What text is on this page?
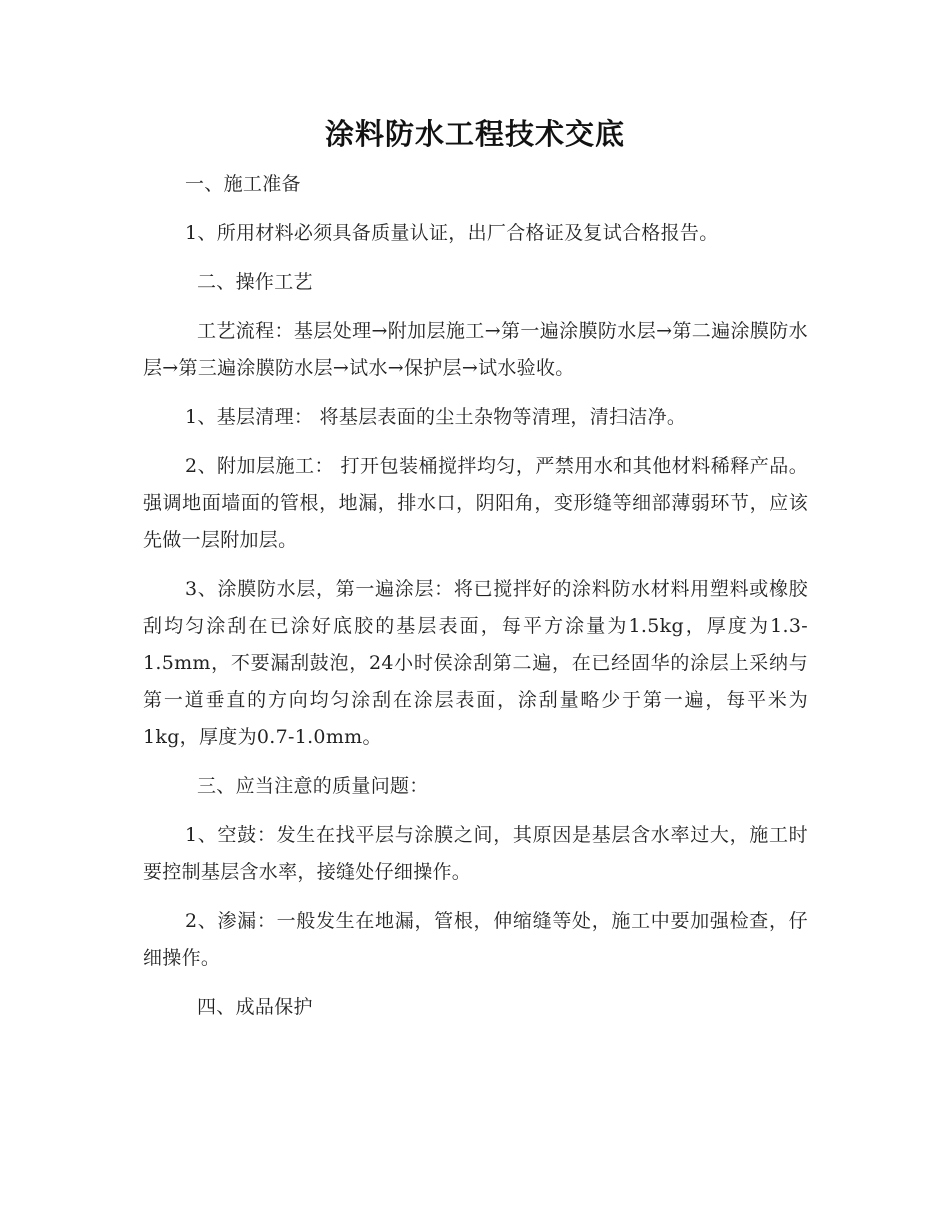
涂料防水工程技术交底

一、施工准备

1、所用材料必须具备质量认证，出厂合格证及复试合格报告。

二、操作工艺

工艺流程：基层处理→附加层施工→第一遍涂膜防水层→第二遍涂膜防水层→第三遍涂膜防水层→试水→保护层→试水验收。

1、基层清理： 将基层表面的尘土杂物等清理，清扫洁净。

2、附加层施工： 打开包装桶搅拌均匀，严禁用水和其他材料稀释产品。强调地面墙面的管根，地漏，排水口，阴阳角，变形缝等细部薄弱环节，应该先做一层附加层。

3、涂膜防水层，第一遍涂层：将已搅拌好的涂料防水材料用塑料或橡胶刮均匀涂刮在已涂好底胶的基层表面，每平方涂量为1.5kg，厚度为1.3-1.5mm，不要漏刮鼓泡，24小时侯涂刮第二遍，在已经固华的涂层上采纳与第一道垂直的方向均匀涂刮在涂层表面，涂刮量略少于第一遍，每平米为1kg，厚度为0.7-1.0mm。

三、应当注意的质量问题：

1、空鼓：发生在找平层与涂膜之间，其原因是基层含水率过大，施工时要控制基层含水率，接缝处仔细操作。

2、渗漏：一般发生在地漏，管根，伸缩缝等处，施工中要加强检查，仔细操作。

四、成品保护
